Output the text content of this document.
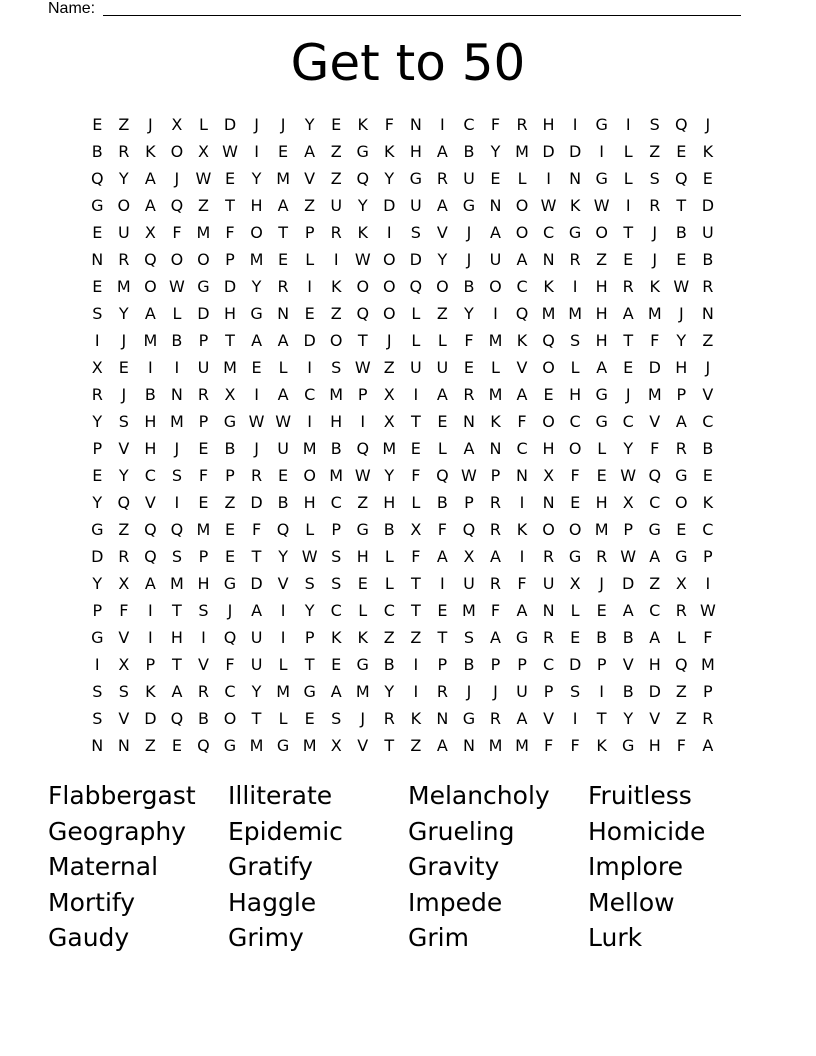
Name:
Get to 50
E	Z	J	X	L D	J	J	Y	E	K	F N	I	C	F	R H	I	G	I	S Q	J
B R K O X W	I	E	A Z G K H A B	Y M D D	I	L	Z	E	K
Q Y	A	J	W E	Y M V Z Q Y G R U E	L	I	N G L	S Q E
G O A Q Z	T H A Z U Y D U A G N O W K W	I	R	T D
E U X	F M F O T	P	R K	I	S	V	J	A O C G O T	J	B U
N R Q O O P M E	L	I	W O D Y	J	U A N R Z	E	J	E	B
E M O W G D Y	R	I	K O O Q O B O C K	I	H R K W R
S	Y	A	L D H G N E	Z Q O L	Z	Y	I	Q M M H A M	J	N
I	J	M B	P	T	A A D O T	J	L	L	F M K Q S H T	F	Y	Z
X	E	I	I	U M E	L	I	S W Z U U E	L	V O L	A	E D H	J
R	J	B N R X	I	A C M P	X	I	A R M A	E H G	J	M P	V
Y	S H M P G W W	I	H	I	X	T	E N K	F O C G C V A C
P	V H	J	E	B	J	U M B Q M E	L	A N C H O L	Y	F	R B
E	Y	C S	F	P	R E O M W Y	F Q W P N X	F	E W Q G E
Y Q V	I	E	Z D B H C Z H	L	B	P	R	I	N E H X C O K
G Z Q Q M E	F Q L	P G B X	F Q R K O O M P G E C
D R Q S	P	E	T	Y W S H	L	F	A X A	I	R G R W A G P
Y	X A M H G D V S	S	E	L	T	I	U R	F	U X	J	D Z X	I
P	F	I	T	S	J	A	I	Y	C	L	C	T	E M F	A N	L	E	A C R W
G V	I	H	I	Q U	I	P	K	K Z Z	T	S	A G R E	B B A	L	F
I	X	P	T	V	F	U	L	T	E G B	I	P	B	P	P	C D P	V H Q M
S	S	K A R C	Y M G A M Y	I	R	J	J	U P	S	I	B D Z	P
S	V D Q B O T	L	E	S	J	R K N G R A V	I	T	Y	V Z R
N N Z	E Q G M G M X V	T	Z A N M M F	F	K G H F	A
Flabbergast	Illiterate	Melancholy	Fruitless
Geography	Epidemic	Grueling	Homicide
Maternal	Gratify	Gravity	Implore
Mortify	Haggle	Impede	Mellow
Gaudy	Grimy	Grim	Lurk
